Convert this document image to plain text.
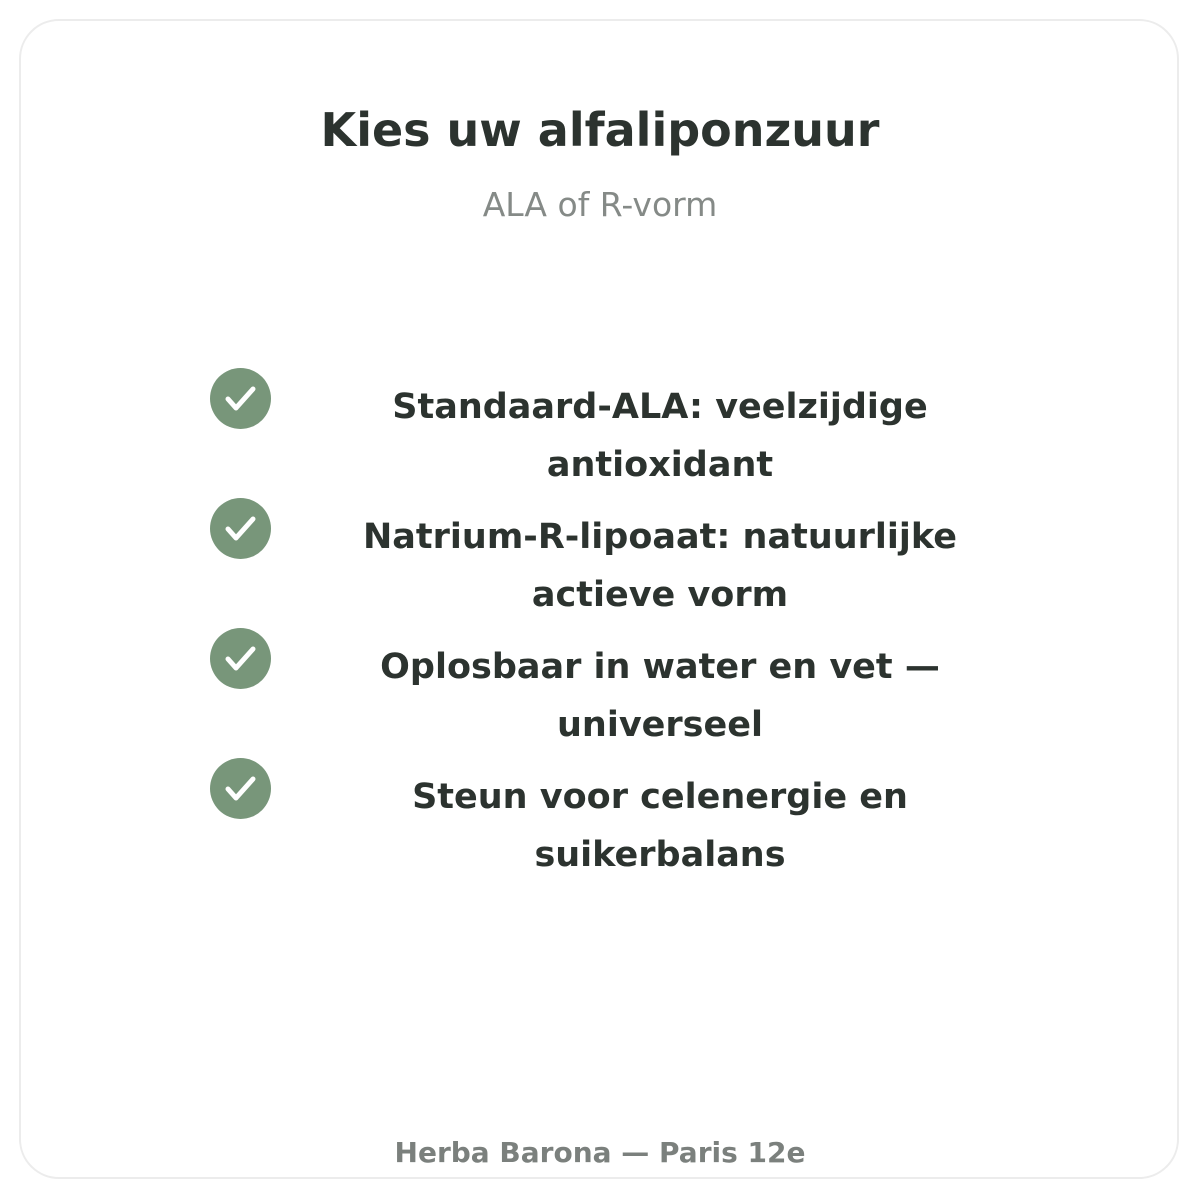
Kies uw alfaliponzuur
ALA of R-vorm
Standaard-ALA: veelzijdige antioxidant
Natrium-R-lipoaat: natuurlijke actieve vorm
Oplosbaar in water en vet — universeel
Steun voor celenergie en suikerbalans
Herba Barona — Paris 12e
